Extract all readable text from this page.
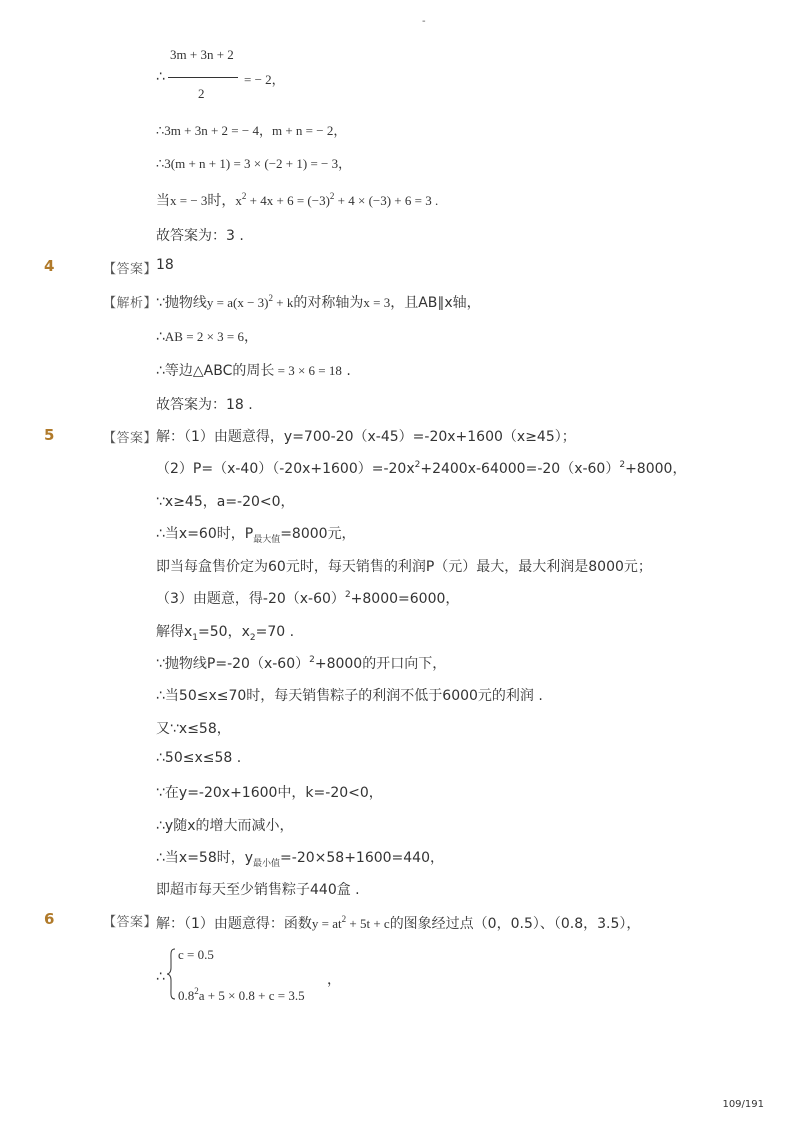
-
3m + 3n + 2
∴	= − 2，
2
∴3m + 3n + 2 = − 4，m + n = − 2，
∴3(m + n + 1) = 3 × (−2 + 1) = − 3，
当x = − 3时，$x^2 + 4x + 6 = (-3)^2 + 4 \times (-3) + 6 = 3$ .
故答案为：3 .
4	【答案】
18
【解析】
∵抛物线$y = a(x - 3)^2 + k$的对称轴为x = 3，且AB∥x轴，
∴AB = 2 × 3 = 6，
∴等边△ABC的周长 = 3 × 6 = 18 .
故答案为：18 .
5	【答案】
解：（1）由题意得，y=700-20（x-45）=-20x+1600（x≥45）；
$(2)P=(x-40)(-20x+1600)=-20x^2+2400x-64000=-20(x-60)^2+8000$，
∵x≥45，a=-20<0，
∴当x=60时，$P_{最大值}=8000$元，
即当每盒售价定为60元时，每天销售的利润P（元）最大，最大利润是8000元；
（3）由题意，得$-20(x-60)^2+8000=6000$，
解得$x_1=50$，$x_2=70$ .
∵抛物线$P=-20(x-60)^2+8000$的开口向下，
∴当50≤x≤70时，每天销售粽子的利润不低于6000元的利润 .
又∵x≤58，
∴50≤x≤58 .
∵在y=-20x+1600中，k=-20<0，
∴y随x的增大而减小，
∴当x=58时，$y_{最小值}=-20\times 58+1600=440$，
即超市每天至少销售粽子440盒 .
6	【答案】
解：（1）由题意得：函数$y = at^2 + 5t + c$的图象经过点（0，0.5）、（0.8，3.5），
∴
c = 0.5
$0.8^2a + 5 \times 0.8 + c = 3.5$
，
109/191
